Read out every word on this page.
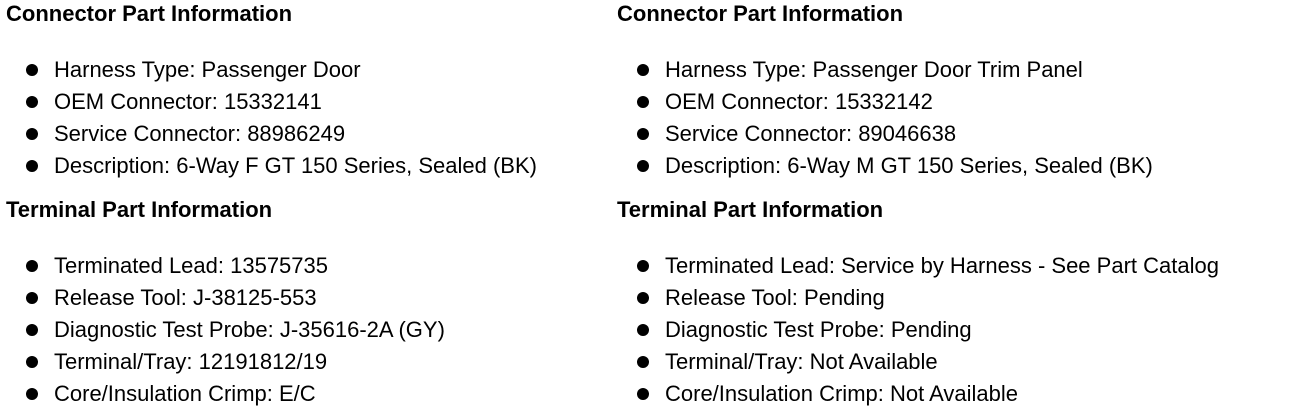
Connector Part Information
Harness Type: Passenger Door
OEM Connector: 15332141
Service Connector: 88986249
Description: 6-Way F GT 150 Series, Sealed (BK)
Terminal Part Information
Terminated Lead: 13575735
Release Tool: J-38125-553
Diagnostic Test Probe: J-35616-2A (GY)
Terminal/Tray: 12191812/19
Core/Insulation Crimp: E/C
Connector Part Information
Harness Type: Passenger Door Trim Panel
OEM Connector: 15332142
Service Connector: 89046638
Description: 6-Way M GT 150 Series, Sealed (BK)
Terminal Part Information
Terminated Lead: Service by Harness - See Part Catalog
Release Tool: Pending
Diagnostic Test Probe: Pending
Terminal/Tray: Not Available
Core/Insulation Crimp: Not Available
